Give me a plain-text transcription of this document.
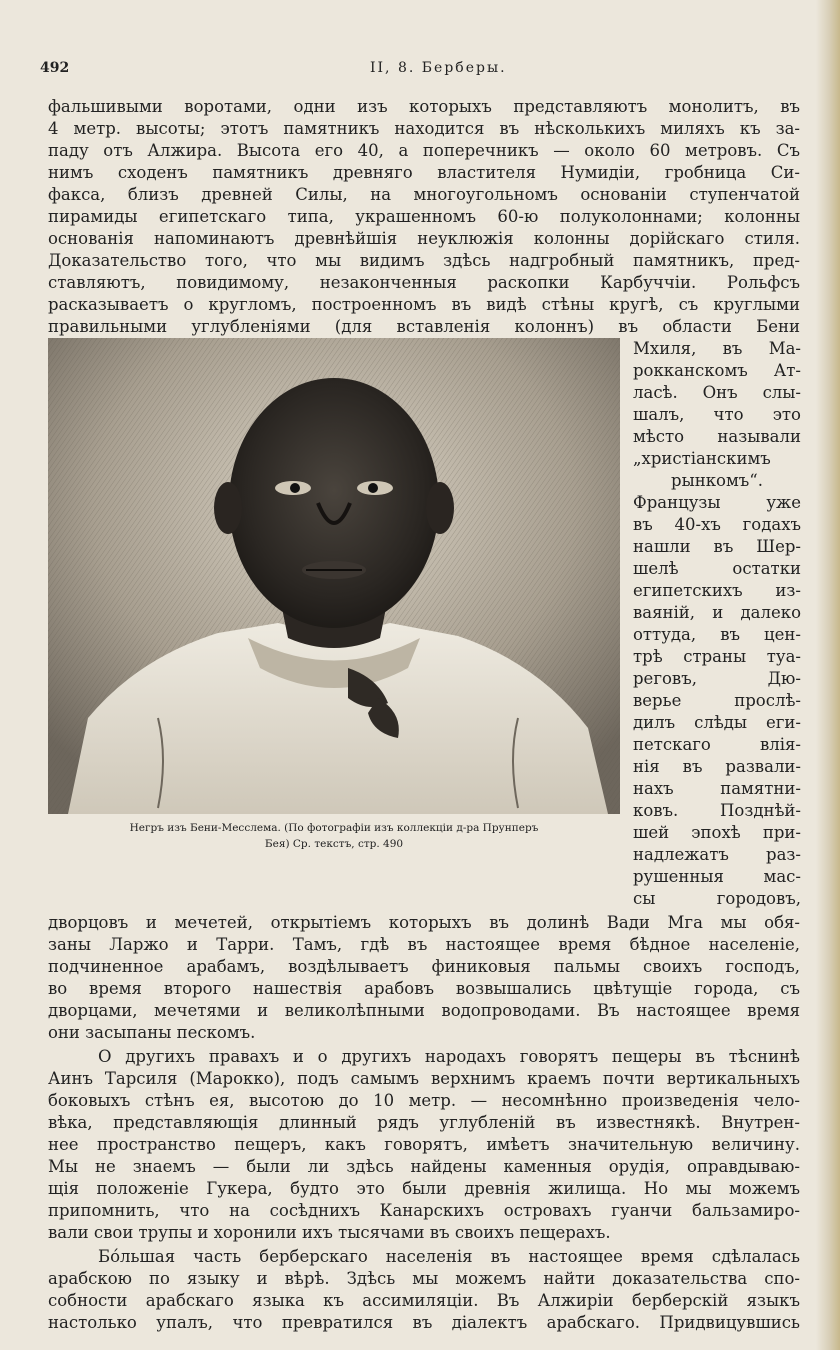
492	II, 8. Берберы.
фальшивыми воротами, одни изъ которыхъ представляютъ монолитъ, въ
4 метр. высоты; этотъ памятникъ находится въ нѣсколькихъ миляхъ къ за-
паду отъ Алжира. Высота его 40, а поперечникъ — около 60 метровъ. Съ
нимъ сходенъ памятникъ древняго властителя Нумидіи, гробница Си-
факса, близъ древней Силы, на многоугольномъ основаніи ступенчатой
пирамиды египетскаго типа, украшенномъ 60-ю полуколоннами; колонны
основанія напоминаютъ древнѣйшія неуклюжія колонны дорійскаго стиля.
Доказательство того, что мы видимъ здѣсь надгробный памятникъ, пред-
ставляютъ, повидимому, незаконченныя раскопки Карбуччіи. Рольфсъ
расказываетъ о кругломъ, построенномъ въ видѣ стѣны кругѣ, съ круглыми
правильными углубленіями (для вставленія колоннъ) въ области Бени
Негръ изъ Бени-Месслема. (По фотографіи изъ коллекціи д-ра Прунперъ
Бея) Ср. текстъ, стр. 490
Мхиля, въ Ма-
рокканскомъ Ат-
ласѣ. Онъ слы-
шалъ, что это
мѣсто называли
„христіанскимъ
рынкомъ“.
Французы уже
въ 40-хъ годахъ
нашли въ Шер-
шелѣ остатки
египетскихъ из-
ваяній, и далеко
оттуда, въ цен-
трѣ страны туа-
реговъ, Дю-
верье прослѣ-
дилъ слѣды еги-
петскаго влія-
нія въ развали-
нахъ памятни-
ковъ. Позднѣй-
шей эпохѣ при-
надлежатъ раз-
рушенныя мас-
сы городовъ,
дворцовъ и мечетей, открытіемъ которыхъ въ долинѣ Вади Мга мы обя-
заны Ларжо и Тарри. Тамъ, гдѣ въ настоящее время бѣдное населеніе,
подчиненное арабамъ, воздѣлываетъ финиковыя пальмы своихъ господъ,
во время второго нашествія арабовъ возвышались цвѣтущіе города, съ
дворцами, мечетями и великолѣпными водопроводами. Въ настоящее время
они засыпаны пескомъ.
О другихъ правахъ и о другихъ народахъ говорятъ пещеры въ тѣснинѣ
Аинъ Тарсиля (Марокко), подъ самымъ верхнимъ краемъ почти вертикальныхъ
боковыхъ стѣнъ ея, высотою до 10 метр. — несомнѣнно произведенія чело-
вѣка, представляющія длинный рядъ углубленій въ известнякѣ. Внутрен-
нее пространство пещеръ, какъ говорятъ, имѣетъ значительную величину.
Мы не знаемъ — были ли здѣсь найдены каменныя орудія, оправдываю-
щія положеніе Гукера, будто это были древнія жилища. Но мы можемъ
припомнить, что на сосѣднихъ Канарскихъ островахъ гуанчи бальзамиро-
вали свои трупы и хоронили ихъ тысячами въ своихъ пещерахъ.
Бо́льшая часть берберскаго населенія въ настоящее время сдѣлалась
арабскою по языку и вѣрѣ. Здѣсь мы можемъ найти доказательства спо-
собности арабскаго языка къ ассимиляціи. Въ Алжиріи берберскій языкъ
настолько упалъ, что превратился въ діалектъ арабскаго. Придвицувшись
